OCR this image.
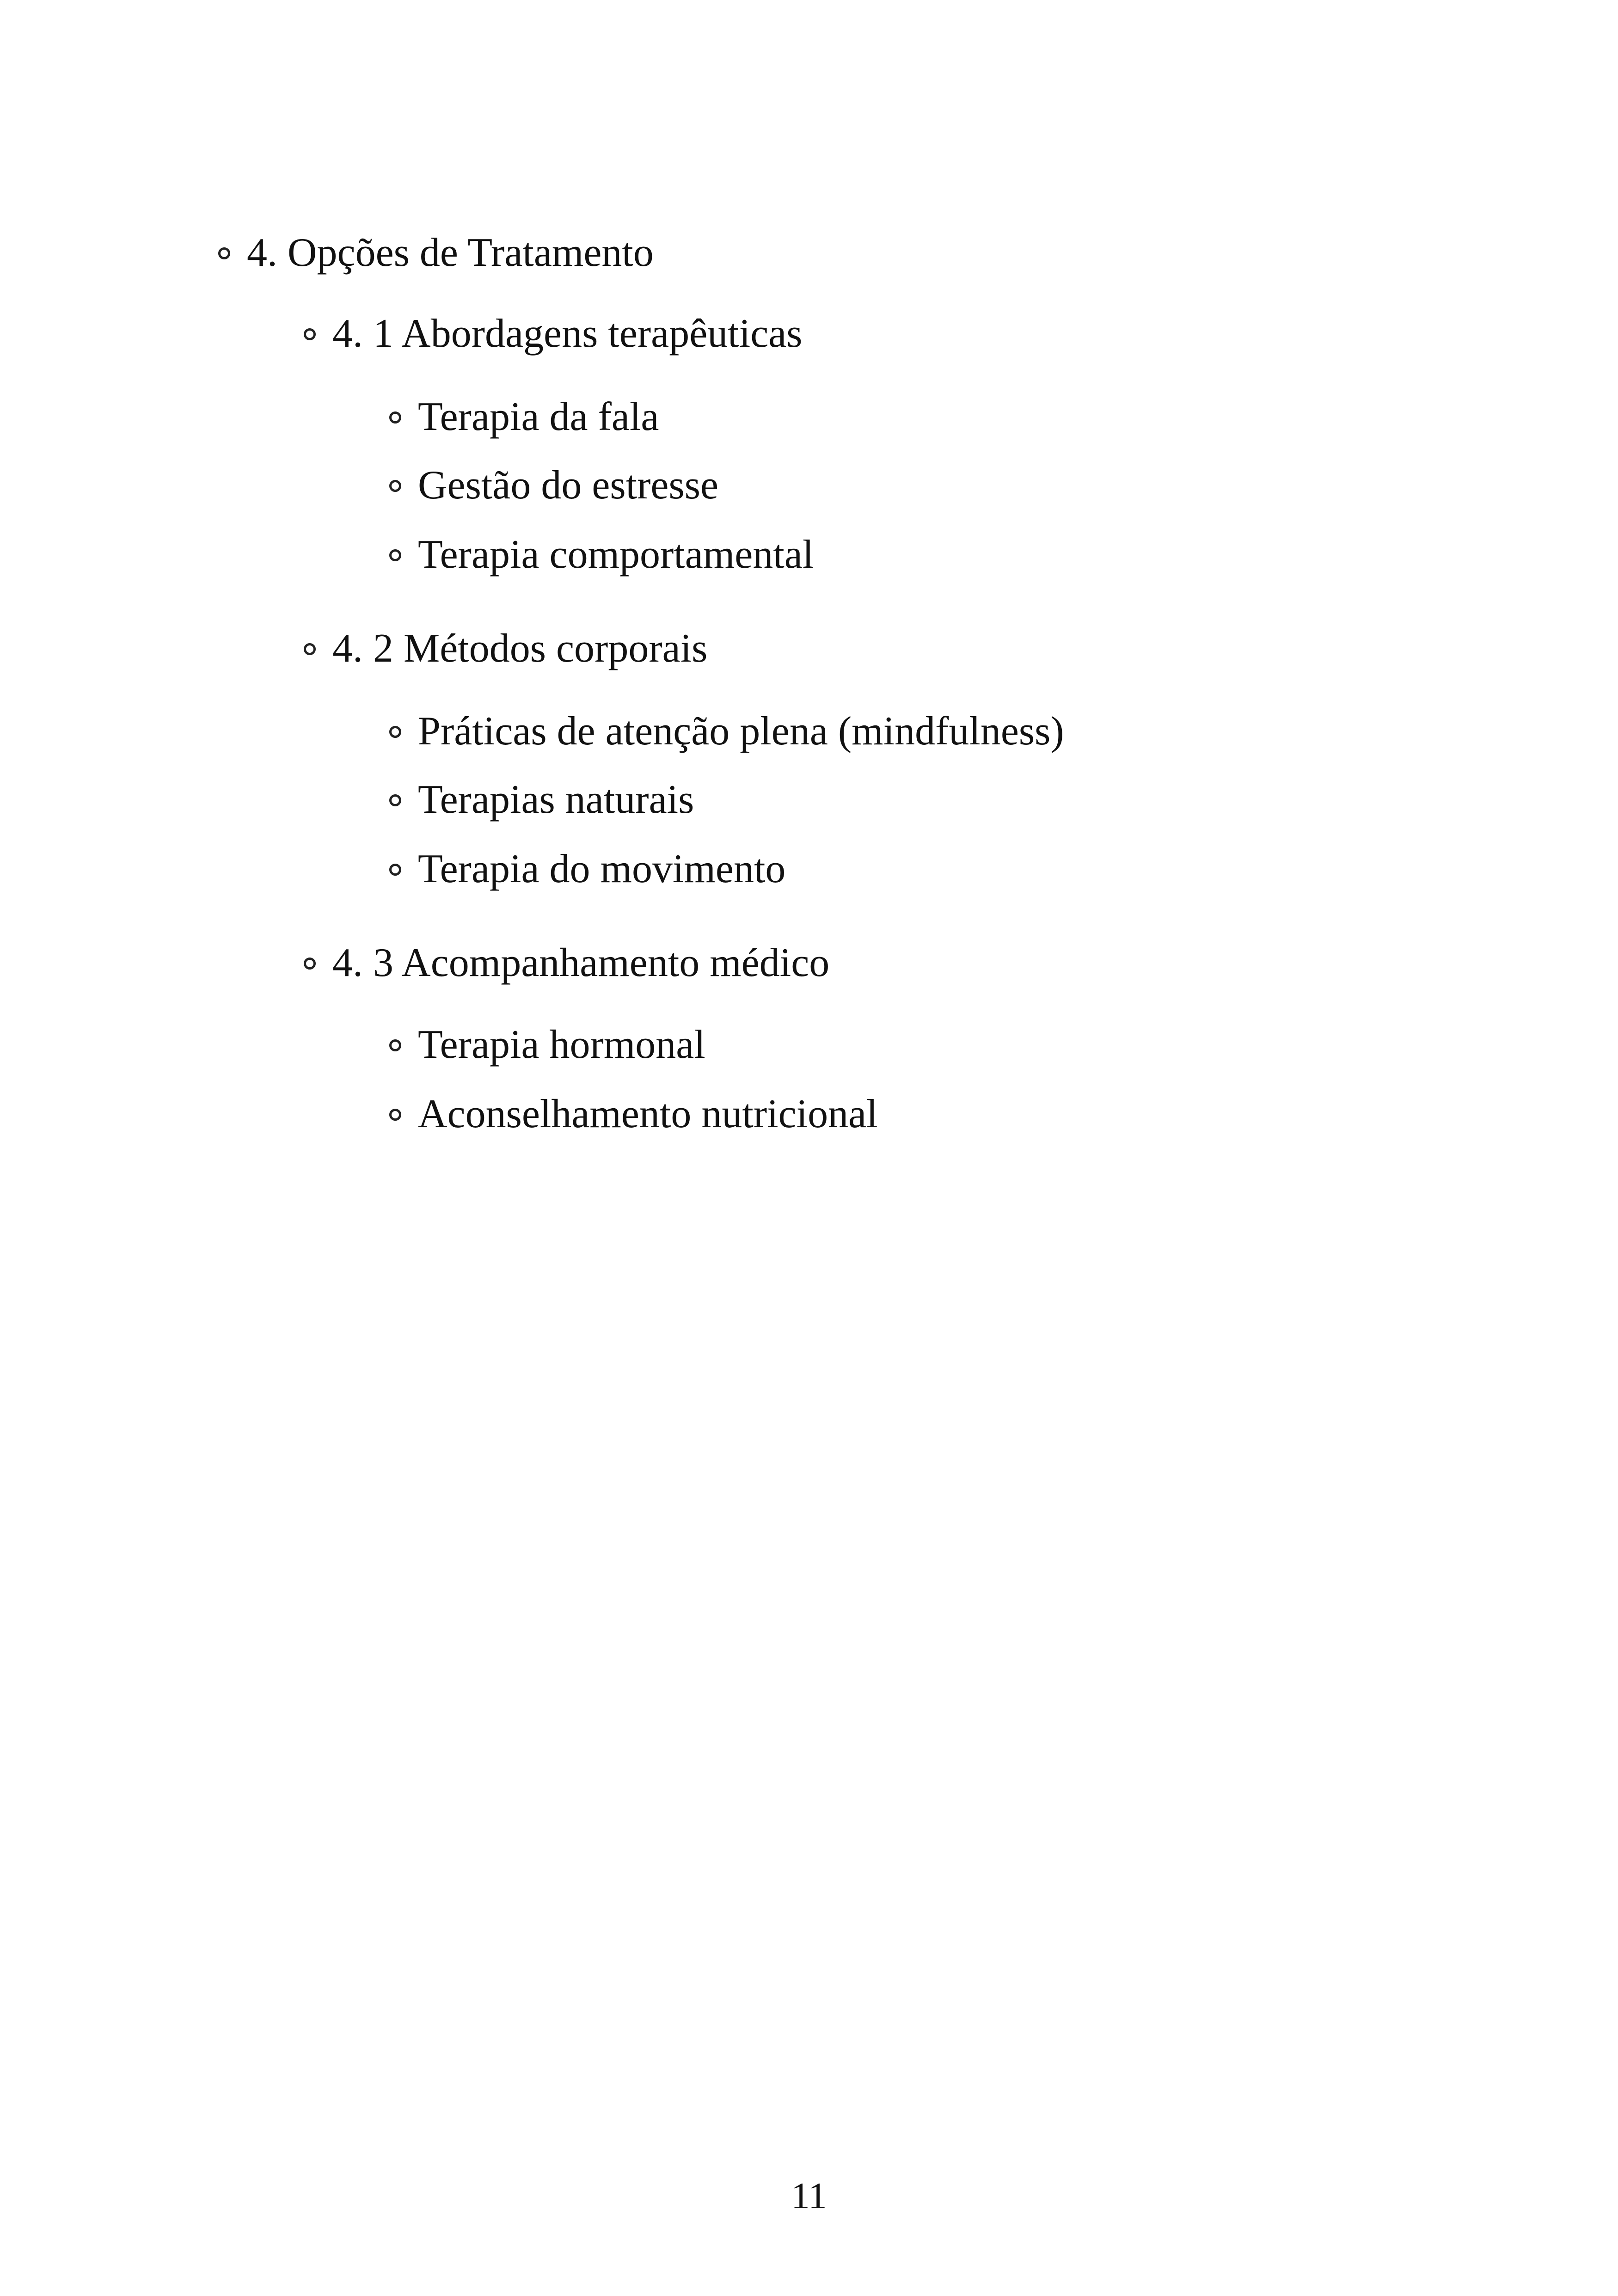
4. Opções de Tratamento
4. 1 Abordagens terapêuticas
Terapia da fala
Gestão do estresse
Terapia comportamental
4. 2 Métodos corporais
Práticas de atenção plena (mindfulness)
Terapias naturais
Terapia do movimento
4. 3 Acompanhamento médico
Terapia hormonal
Aconselhamento nutricional
11
